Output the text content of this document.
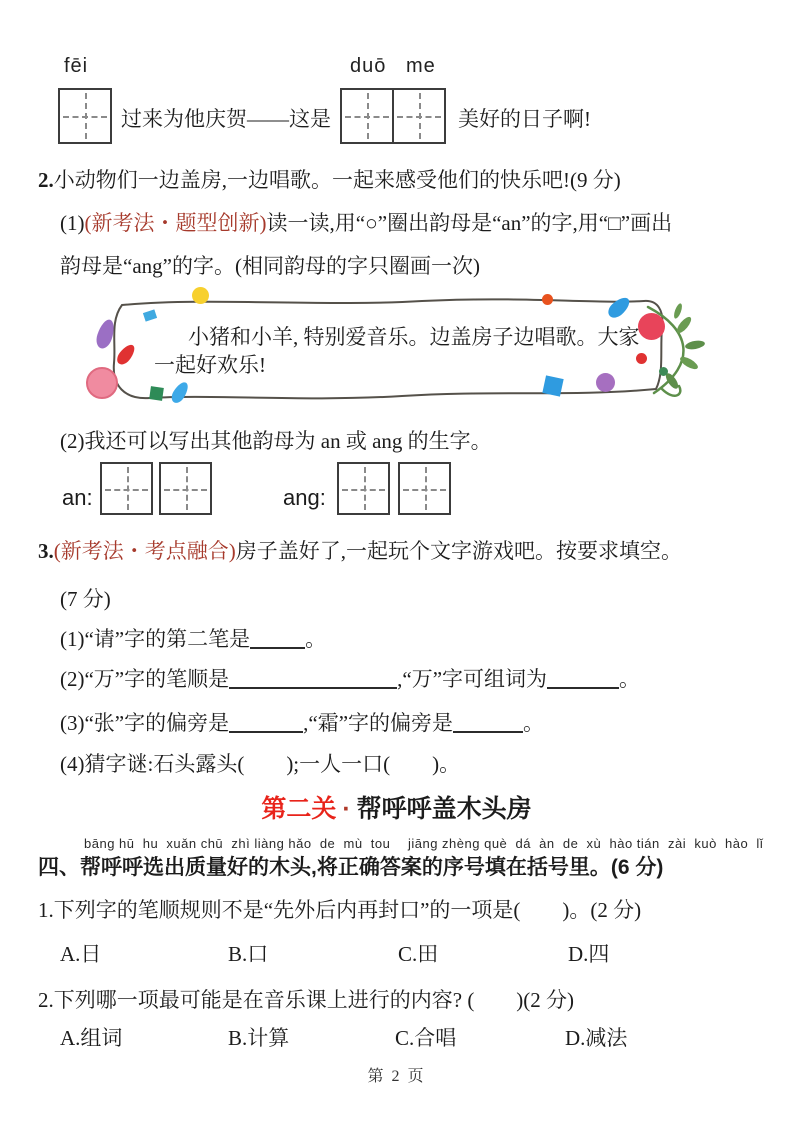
fēi
过来为他庆贺——这是
duō me
美好的日子啊!
2.小动物们一边盖房,一边唱歌。一起来感受他们的快乐吧!(9 分)
(1)(新考法・题型创新)读一读,用“○”圈出韵母是“an”的字,用“□”画出
韵母是“ang”的字。(相同韵母的字只圈画一次)
小猪和小羊, 特别爱音乐。边盖房子边唱歌。大家
一起好欢乐!
(2)我还可以写出其他韵母为 an 或 ang 的生字。
an:	ang:
3.(新考法・考点融合)房子盖好了,一起玩个文字游戏吧。按要求填空。
(7 分)
(1)“请”字的第二笔是	。
(2)“万”字的笔顺是	,“万”字可组词为	。
(3)“张”字的偏旁是	,“霜”字的偏旁是	。
(4)猜字谜:石头露头(　　);一人一口(　　)。
第二关 · 帮呼呼盖木头房
bāng hū  hu  xuǎn chū  zhì liàng hǎo  de  mù  tou　 jiāng zhèng què  dá  àn  de  xù  hào tián  zài  kuò  hào  lǐ
四、帮呼呼选出质量好的木头,将正确答案的序号填在括号里。(6 分)
1.下列字的笔顺规则不是“先外后内再封口”的一项是(　　)。(2 分)
A.日	B.口	C.田	D.四
2.下列哪一项最可能是在音乐课上进行的内容? (　　)(2 分)
A.组词	B.计算	C.合唱	D.减法
第 2 页
